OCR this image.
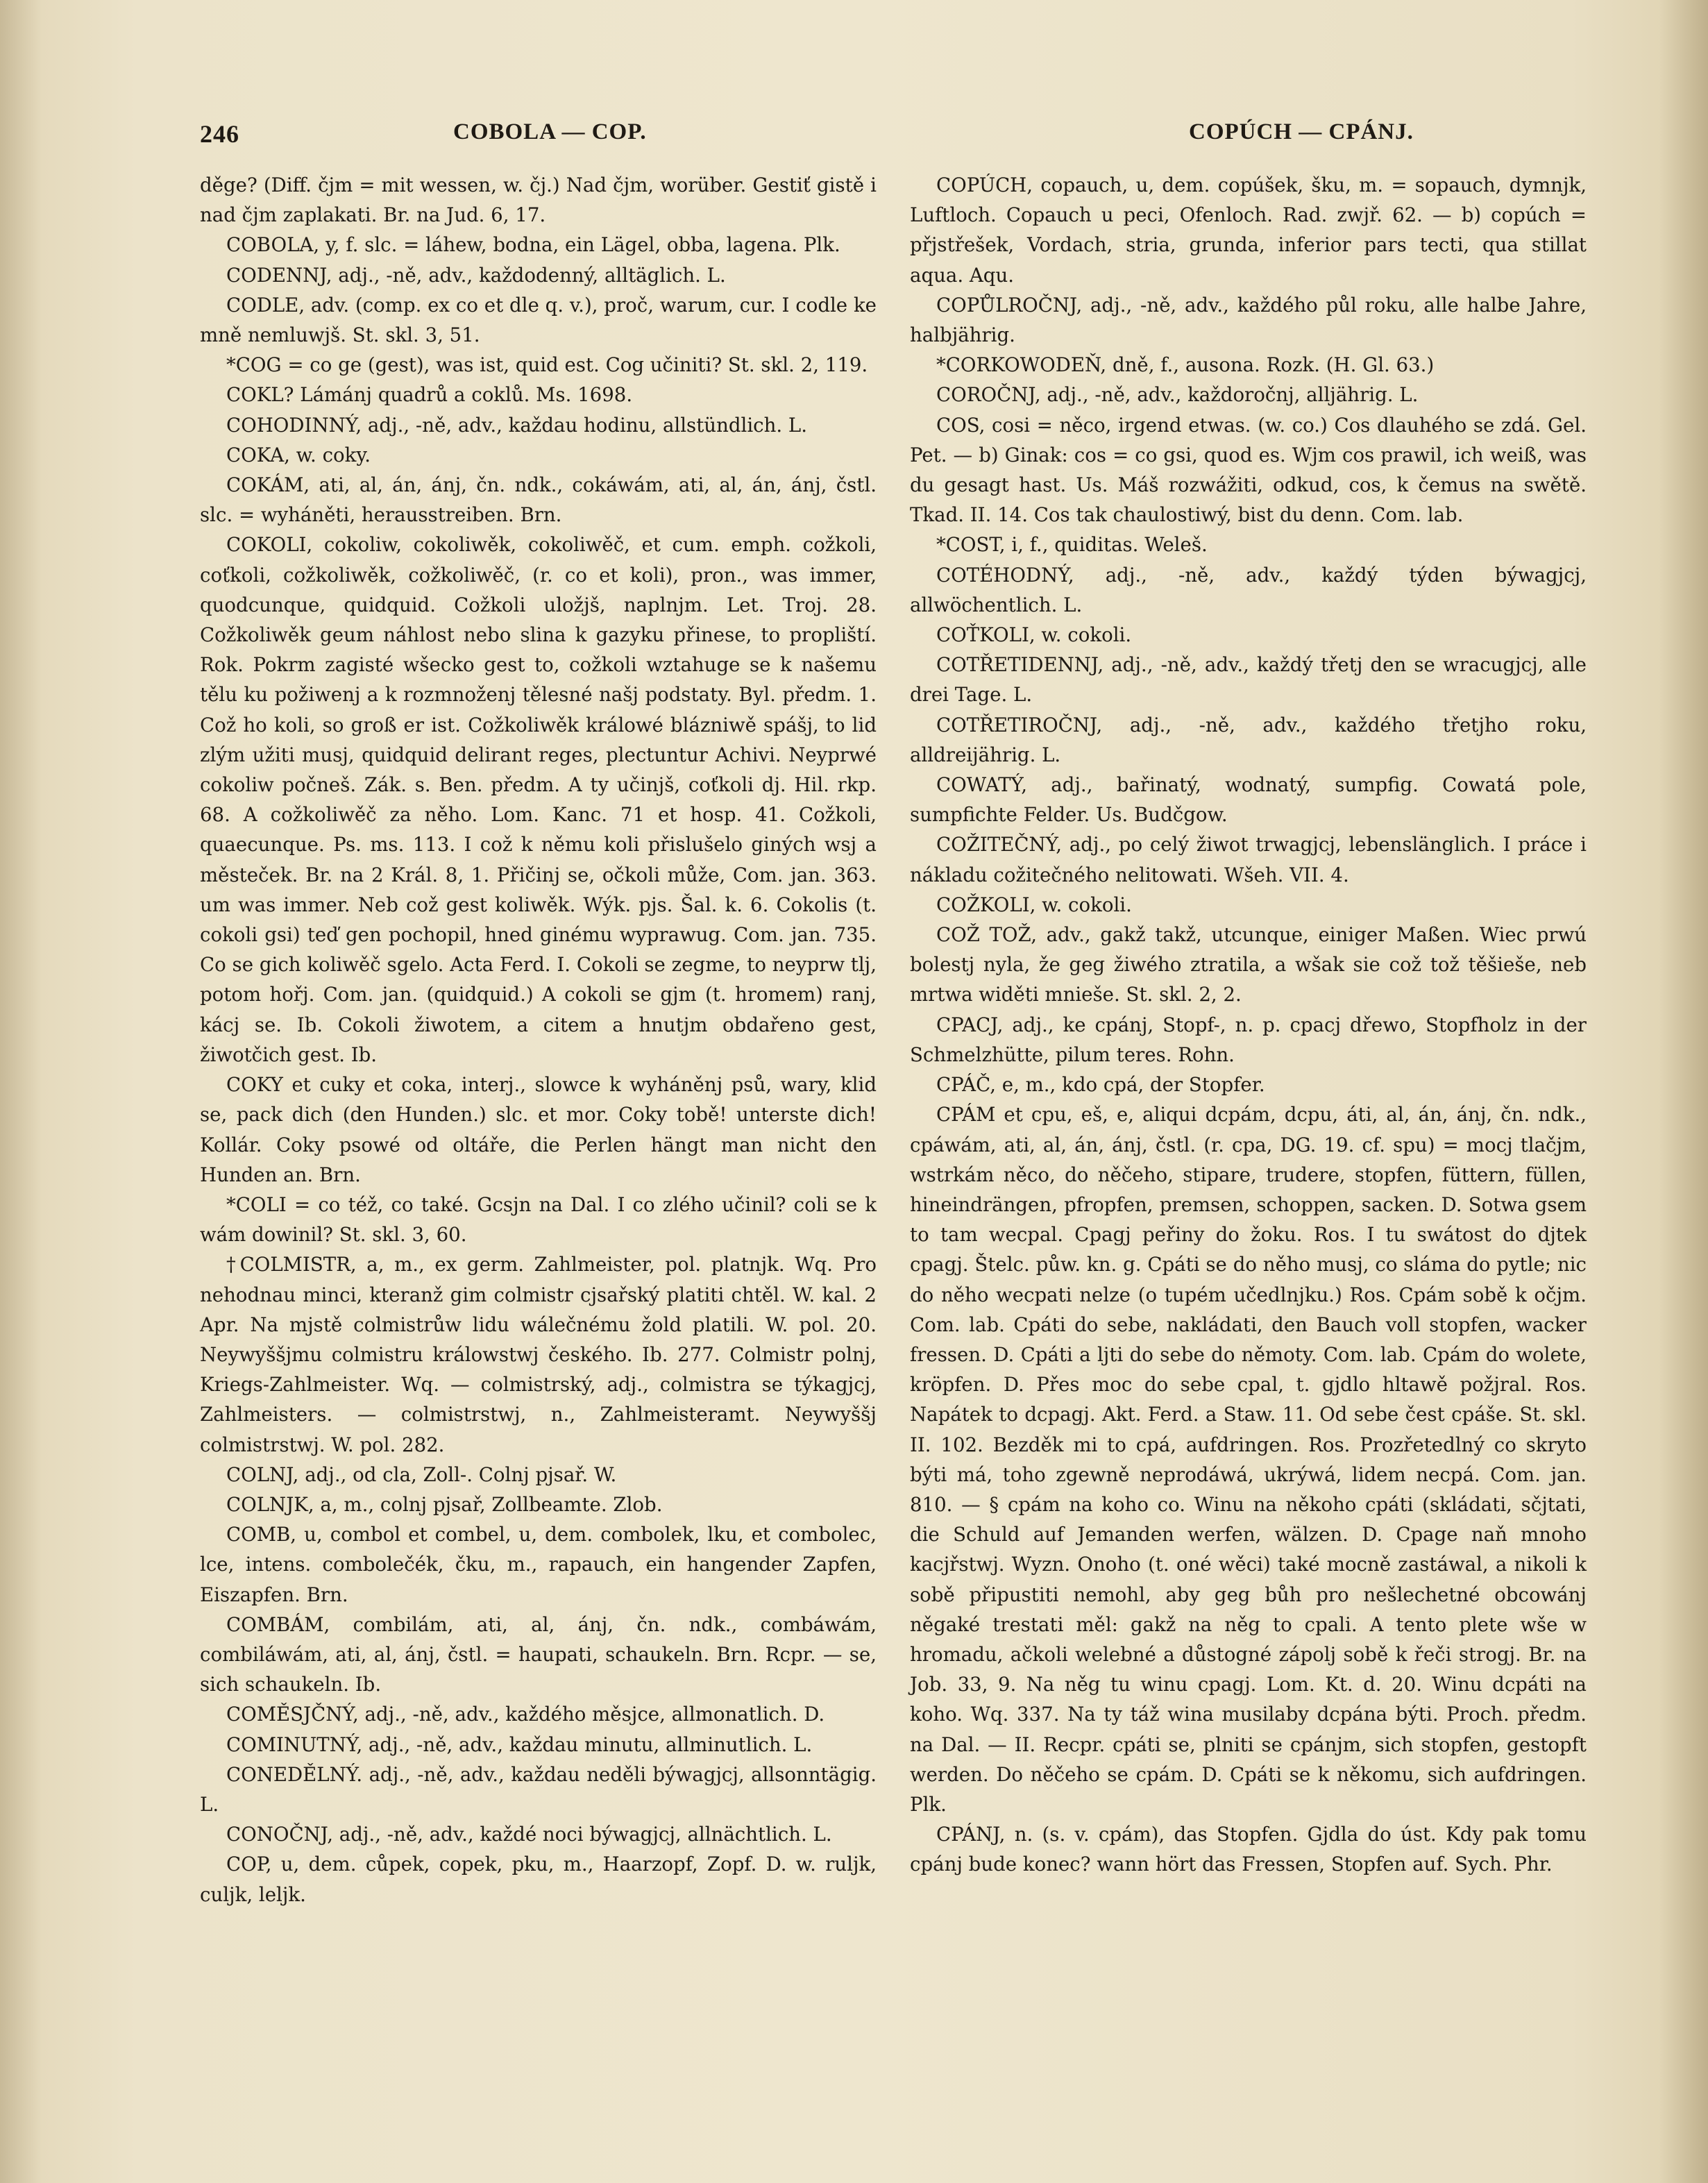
246	COBOLA — COP.	COPÚCH — CPÁNJ.

děge? (Diff. čjm = mit wessen, w. čj.) Nad čjm, worüber. Gestiť gistě i nad čjm zaplakati. Br. na Jud. 6, 17.

COBOLA, y, f. slc. = láhew, bodna, ein Lägel, obba, lagena. Plk.

CODENNJ, adj., -ně, adv., každodenný, alltäglich. L.

CODLE, adv. (comp. ex co et dle q. v.), proč, warum, cur. I codle ke mně nemluwjš. St. skl. 3, 51.

*COG = co ge (gest), was ist, quid est. Cog učiniti? St. skl. 2, 119.

COKL? Lámánj quadrů a coklů. Ms. 1698.

COHODINNÝ, adj., -ně, adv., každau hodinu, allstündlich. L.

COKA, w. coky.

COKÁM, ati, al, án, ánj, čn. ndk., cokáwám, ati, al, án, ánj, čstl. slc. = wyháněti, herausstreiben. Brn.

COKOLI, cokoliw, cokoliwěk, cokoliwěč, et cum. emph. cožkoli, coťkoli, cožkoliwěk, cožkoliwěč, (r. co et koli), pron., was immer, quodcunque, quidquid. Cožkoli uložjš, naplnjm. Let. Troj. 28. Cožkoliwěk geum náhlost nebo slina k gazyku přinese, to propliští. Rok. Pokrm zagisté wšecko gest to, cožkoli wztahuge se k našemu tělu ku požiwenj a k rozmnoženj tělesné našj podstaty. Byl. předm. 1. Což ho koli, so groß er ist. Cožkoliwěk králowé blázniwě spášj, to lid zlým užiti musj, quidquid delirant reges, plectuntur Achivi. Neyprwé cokoliw počneš. Zák. s. Ben. předm. A ty učinjš, coťkoli dj. Hil. rkp. 68. A cožkoliwěč za něho. Lom. Kanc. 71 et hosp. 41. Cožkoli, quaecunque. Ps. ms. 113. I což k němu koli přislušelo giných wsj a městeček. Br. na 2 Král. 8, 1. Přičinj se, očkoli může, Com. jan. 363. um was immer. Neb což gest koliwěk. Wýk. pjs. Šal. k. 6. Cokolis (t. cokoli gsi) teď gen pochopil, hned ginému wyprawug. Com. jan. 735. Co se gich koliwěč sgelo. Acta Ferd. I. Cokoli se zegme, to neyprw tlj, potom hořj. Com. jan. (quidquid.) A cokoli se gjm (t. hromem) ranj, kácj se. Ib. Cokoli žiwotem, a citem a hnutjm obdařeno gest, žiwotčich gest. Ib.

COKY et cuky et coka, interj., slowce k wyháněnj psů, wary, klid se, pack dich (den Hunden.) slc. et mor. Coky tobě! unterste dich! Kollár. Coky psowé od oltáře, die Perlen hängt man nicht den Hunden an. Brn.

*COLI = co též, co také. Gcsjn na Dal. I co zlého učinil? coli se k wám dowinil? St. skl. 3, 60.

†COLMISTR, a, m., ex germ. Zahlmeister, pol. platnjk. Wq. Pro nehodnau minci, kteranž gim colmistr cjsařský platiti chtěl. W. kal. 2 Apr. Na mjstě colmistrůw lidu wálečnému žold platili. W. pol. 20. Neywyššjmu colmistru králowstwj českého. Ib. 277. Colmistr polnj, Kriegs-Zahlmeister. Wq. — colmistrský, adj., colmistra se týkagjcj, Zahlmeisters. — colmistrstwj, n., Zahlmeisteramt. Neywyššj colmistrstwj. W. pol. 282.

COLNJ, adj., od cla, Zoll-. Colnj pjsař. W.

COLNJK, a, m., colnj pjsař, Zollbeamte. Zlob.

COMB, u, combol et combel, u, dem. combolek, lku, et combolec, lce, intens. combolečék, čku, m., rapauch, ein hangender Zapfen, Eiszapfen. Brn.

COMBÁM, combilám, ati, al, ánj, čn. ndk., combáwám, combiláwám, ati, al, ánj, čstl. = haupati, schaukeln. Brn. Rcpr. — se, sich schaukeln. Ib.

COMĚSJČNÝ, adj., -ně, adv., každého měsjce, allmonatlich. D.

COMINUTNÝ, adj., -ně, adv., každau minutu, allminutlich. L.

CONEDĚLNÝ. adj., -ně, adv., každau neděli býwagjcj, allsonntägig. L.

CONOČNJ, adj., -ně, adv., každé noci býwagjcj, allnächtlich. L.

COP, u, dem. cůpek, copek, pku, m., Haarzopf, Zopf. D. w. ruljk, culjk, leljk.

COPÚCH, copauch, u, dem. copúšek, šku, m. = sopauch, dymnjk, Luftloch. Copauch u peci, Ofenloch. Rad. zwjř. 62. — b) copúch = přjstřešek, Vordach, stria, grunda, inferior pars tecti, qua stillat aqua. Aqu.

COPŮLROČNJ, adj., -ně, adv., každého půl roku, alle halbe Jahre, halbjährig.

*CORKOWODEŇ, dně, f., ausona. Rozk. (H. Gl. 63.)

COROČNJ, adj., -ně, adv., každoročnj, alljährig. L.

COS, cosi = něco, irgend etwas. (w. co.) Cos dlauhého se zdá. Gel. Pet. — b) Ginak: cos = co gsi, quod es. Wjm cos prawil, ich weiß, was du gesagt hast. Us. Máš rozwážiti, odkud, cos, k čemus na swětě. Tkad. II. 14. Cos tak chaulostiwý, bist du denn. Com. lab.

*COST, i, f., quiditas. Weleš.

COTÉHODNÝ, adj., -ně, adv., každý týden býwagjcj, allwöchentlich. L.

COŤKOLI, w. cokoli.

COTŘETIDENNJ, adj., -ně, adv., každý třetj den se wracugjcj, alle drei Tage. L.

COTŘETIROČNJ, adj., -ně, adv., každého třetjho roku, alldreijährig. L.

COWATÝ, adj., bařinatý, wodnatý, sumpfig. Cowatá pole, sumpfichte Felder. Us. Budčgow.

COŽITEČNÝ, adj., po celý žiwot trwagjcj, lebenslänglich. I práce i nákladu cožitečného nelitowati. Wšeh. VII. 4.

COŽKOLI, w. cokoli.

COŽ TOŽ, adv., gakž takž, utcunque, einiger Maßen. Wiec prwú bolestj nyla, že geg žiwého ztratila, a wšak sie což tož těšieše, neb mrtwa widěti mnieše. St. skl. 2, 2.

CPACJ, adj., ke cpánj, Stopf-, n. p. cpacj dřewo, Stopfholz in der Schmelzhütte, pilum teres. Rohn.

CPÁČ, e, m., kdo cpá, der Stopfer.

CPÁM et cpu, eš, e, aliqui dcpám, dcpu, áti, al, án, ánj, čn. ndk., cpáwám, ati, al, án, ánj, čstl. (r. cpa, DG. 19. cf. spu) = mocj tlačjm, wstrkám něco, do něčeho, stipare, trudere, stopfen, füttern, füllen, hineindrängen, pfropfen, premsen, schoppen, sacken. D. Sotwa gsem to tam wecpal. Cpagj peřiny do žoku. Ros. I tu swátost do djtek cpagj. Štelc. půw. kn. g. Cpáti se do něho musj, co sláma do pytle; nic do něho wecpati nelze (o tupém učedlnjku.) Ros. Cpám sobě k očjm. Com. lab. Cpáti do sebe, nakládati, den Bauch voll stopfen, wacker fressen. D. Cpáti a ljti do sebe do němoty. Com. lab. Cpám do wolete, kröpfen. D. Přes moc do sebe cpal, t. gjdlo hltawě požjral. Ros. Napátek to dcpagj. Akt. Ferd. a Staw. 11. Od sebe čest cpáše. St. skl. II. 102. Bezděk mi to cpá, aufdringen. Ros. Prozřetedlný co skryto býti má, toho zgewně neprodáwá, ukrýwá, lidem necpá. Com. jan. 810. — § cpám na koho co. Winu na někoho cpáti (skládati, sčjtati, die Schuld auf Jemanden werfen, wälzen. D. Cpage naň mnoho kacjřstwj. Wyzn. Onoho (t. oné wěci) také mocně zastáwal, a nikoli k sobě připustiti nemohl, aby geg bůh pro nešlechetné obcowánj něgaké trestati měl: gakž na něg to cpali. A tento plete wše w hromadu, ačkoli welebné a důstogné zápolj sobě k řeči strogj. Br. na Job. 33, 9. Na něg tu winu cpagj. Lom. Kt. d. 20. Winu dcpáti na koho. Wq. 337. Na ty táž wina musilaby dcpána býti. Proch. předm. na Dal. — II. Recpr. cpáti se, plniti se cpánjm, sich stopfen, gestopft werden. Do něčeho se cpám. D. Cpáti se k někomu, sich aufdringen. Plk.

CPÁNJ, n. (s. v. cpám), das Stopfen. Gjdla do úst. Kdy pak tomu cpánj bude konec? wann hört das Fressen, Stopfen auf. Sych. Phr.
